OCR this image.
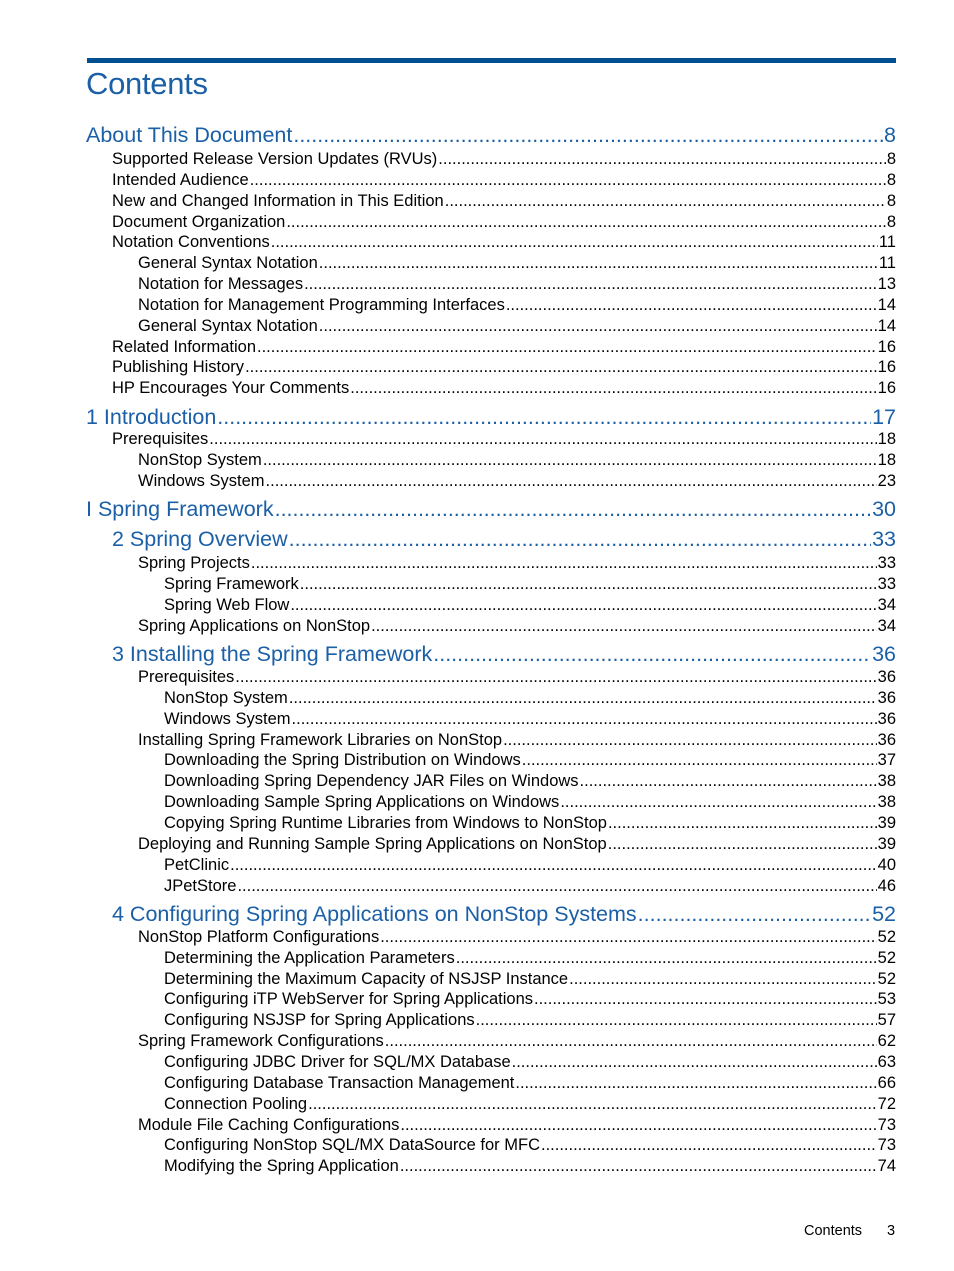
Contents
About This Document .....	8
Supported Release Version Updates (RVUs) .....	8
Intended Audience .....	8
New and Changed Information in This Edition .....	8
Document Organization .....	8
Notation Conventions .....	11
General Syntax Notation .....	11
Notation for Messages .....	13
Notation for Management Programming Interfaces .....	14
General Syntax Notation .....	14
Related Information .....	16
Publishing History .....	16
HP Encourages Your Comments .....	16
1 Introduction .....	17
Prerequisites .....	18
NonStop System .....	18
Windows System .....	23
I Spring Framework .....	30
2 Spring Overview .....	33
Spring Projects .....	33
Spring Framework .....	33
Spring Web Flow .....	34
Spring Applications on NonStop .....	34
3 Installing the Spring Framework .....	36
Prerequisites .....	36
NonStop System .....	36
Windows System .....	36
Installing Spring Framework Libraries on NonStop .....	36
Downloading the Spring Distribution on Windows .....	37
Downloading Spring Dependency JAR Files on Windows .....	38
Downloading Sample Spring Applications on Windows .....	38
Copying Spring Runtime Libraries from Windows to NonStop .....	39
Deploying and Running Sample Spring Applications on NonStop .....	39
PetClinic .....	40
JPetStore .....	46
4 Configuring Spring Applications on NonStop Systems .....	52
NonStop Platform Configurations .....	52
Determining the Application Parameters .....	52
Determining the Maximum Capacity of NSJSP Instance .....	52
Configuring iTP WebServer for Spring Applications .....	53
Configuring NSJSP for Spring Applications .....	57
Spring Framework Configurations .....	62
Configuring JDBC Driver for SQL/MX Database .....	63
Configuring Database Transaction Management .....	66
Connection Pooling .....	72
Module File Caching Configurations .....	73
Configuring NonStop SQL/MX DataSource for MFC .....	73
Modifying the Spring Application .....	74
Contents 3
